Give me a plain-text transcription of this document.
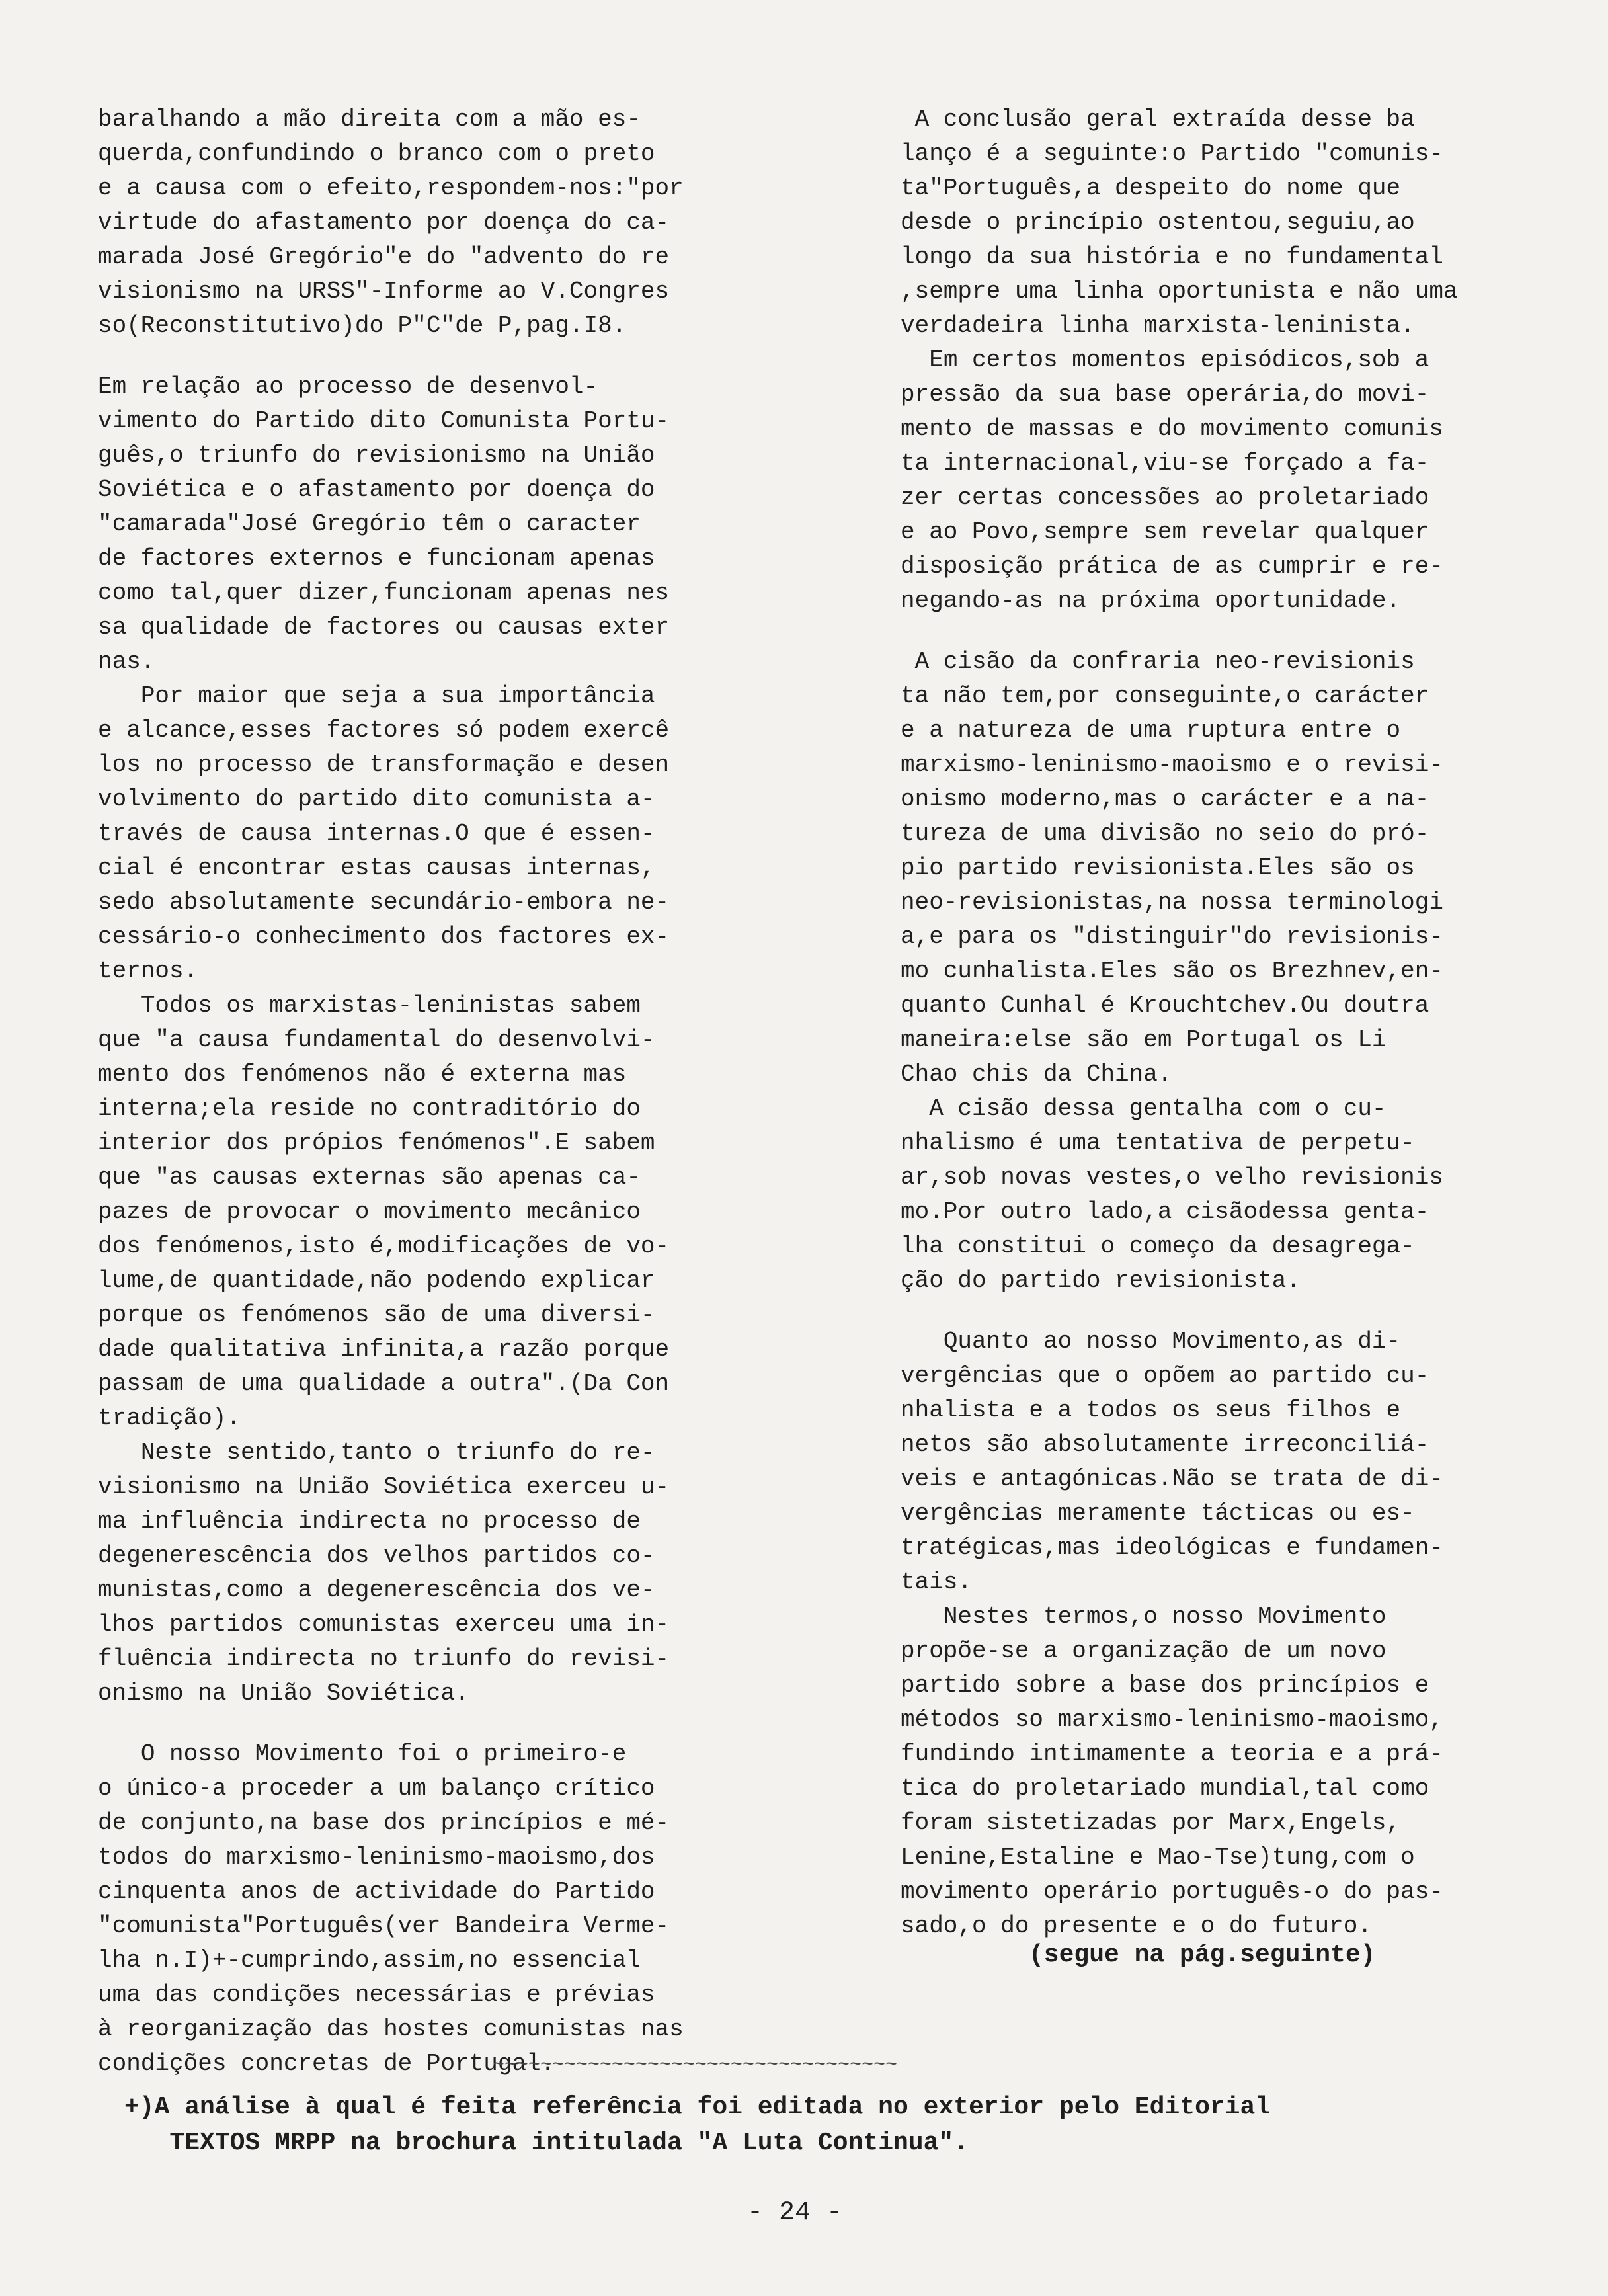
baralhando a mão direita com a mão es-
querda,confundindo o branco com o preto
e a causa com o efeito,respondem-nos:"por
virtude do afastamento por doença do ca-
marada José Gregório"e do "advento do re
visionismo na URSS"-Informe ao V.Congres
so(Reconstitutivo)do P"C"de P,pag.I8.

Em relação ao processo de desenvol-
vimento do Partido dito Comunista Portu-
guês,o triunfo do revisionismo na União
Soviética e o afastamento por doença do
"camarada"José Gregório têm o caracter
de factores externos e funcionam apenas
como tal,quer dizer,funcionam apenas nes
sa qualidade de factores ou causas exter
nas.
Por maior que seja a sua importância
e alcance,esses factores só podem exercê
los no processo de transformação e desen
volvimento do partido dito comunista a-
través de causa internas.O que é essen-
cial é encontrar estas causas internas,
sedo absolutamente secundário-embora ne-
cessário-o conhecimento dos factores ex-
ternos.
Todos os marxistas-leninistas sabem
que "a causa fundamental do desenvolvi-
mento dos fenómenos não é externa mas
interna;ela reside no contraditório do
interior dos própios fenómenos".E sabem
que "as causas externas são apenas ca-
pazes de provocar o movimento mecânico
dos fenómenos,isto é,modificações de vo-
lume,de quantidade,não podendo explicar
porque os fenómenos são de uma diversi-
dade qualitativa infinita,a razão porque
passam de uma qualidade a outra".(Da Con
tradição).
Neste sentido,tanto o triunfo do re-
visionismo na União Soviética exerceu u-
ma influência indirecta no processo de
degenerescência dos velhos partidos co-
munistas,como a degenerescência dos ve-
lhos partidos comunistas exerceu uma in-
fluência indirecta no triunfo do revisi-
onismo na União Soviética.

O nosso Movimento foi o primeiro-e
o único-a proceder a um balanço crítico
de conjunto,na base dos princípios e mé-
todos do marxismo-leninismo-maoismo,dos
cinquenta anos de actividade do Partido
"comunista"Português(ver Bandeira Verme-
lha n.I)+-cumprindo,assim,no essencial
uma das condições necessárias e prévias
à reorganização das hostes comunistas nas
condições concretas de Portugal.

A conclusão geral extraída desse ba
lanço é a seguinte:o Partido "comunis-
ta"Português,a despeito do nome que
desde o princípio ostentou,seguiu,ao
longo da sua história e no fundamental
,sempre uma linha oportunista e não uma
verdadeira linha marxista-leninista.
Em certos momentos episódicos,sob a
pressão da sua base operária,do movi-
mento de massas e do movimento comunis
ta internacional,viu-se forçado a fa-
zer certas concessões ao proletariado
e ao Povo,sempre sem revelar qualquer
disposição prática de as cumprir e re-
negando-as na próxima oportunidade.

A cisão da confraria neo-revisionis
ta não tem,por conseguinte,o carácter
e a natureza de uma ruptura entre o
marxismo-leninismo-maoismo e o revisi-
onismo moderno,mas o carácter e a na-
tureza de uma divisão no seio do pró-
pio partido revisionista.Eles são os
neo-revisionistas,na nossa terminologi
a,e para os "distinguir"do revisionis-
mo cunhalista.Eles são os Brezhnev,en-
quanto Cunhal é Krouchtchev.Ou doutra
maneira:else são em Portugal os Li
Chao chis da China.
A cisão dessa gentalha com o cu-
nhalismo é uma tentativa de perpetu-
ar,sob novas vestes,o velho revisionis
mo.Por outro lado,a cisãodessa genta-
lha constitui o começo da desagrega-
ção do partido revisionista.

Quanto ao nosso Movimento,as di-
vergências que o opõem ao partido cu-
nhalista e a todos os seus filhos e
netos são absolutamente irreconciliá-
veis e antagónicas.Não se trata de di-
vergências meramente tácticas ou es-
tratégicas,mas ideológicas e fundamen-
tais.
Nestes termos,o nosso Movimento
propõe-se a organização de um novo
partido sobre a base dos princípios e
métodos so marxismo-leninismo-maoismo,
fundindo intimamente a teoria e a prá-
tica do proletariado mundial,tal como
foram sistetizadas por Marx,Engels,
Lenine,Estaline e Mao-Tse)tung,com o
movimento operário português-o do pas-
sado,o do presente e o do futuro.

(segue na pág.seguinte)
~~~~~~~~~~~~~~~~~~~~~~~~~~~~~~~~~~
+)A análise à qual é feita referência foi editada no exterior pelo Editorial
TEXTOS MRPP na brochura intitulada "A Luta Continua".
- 24 -
